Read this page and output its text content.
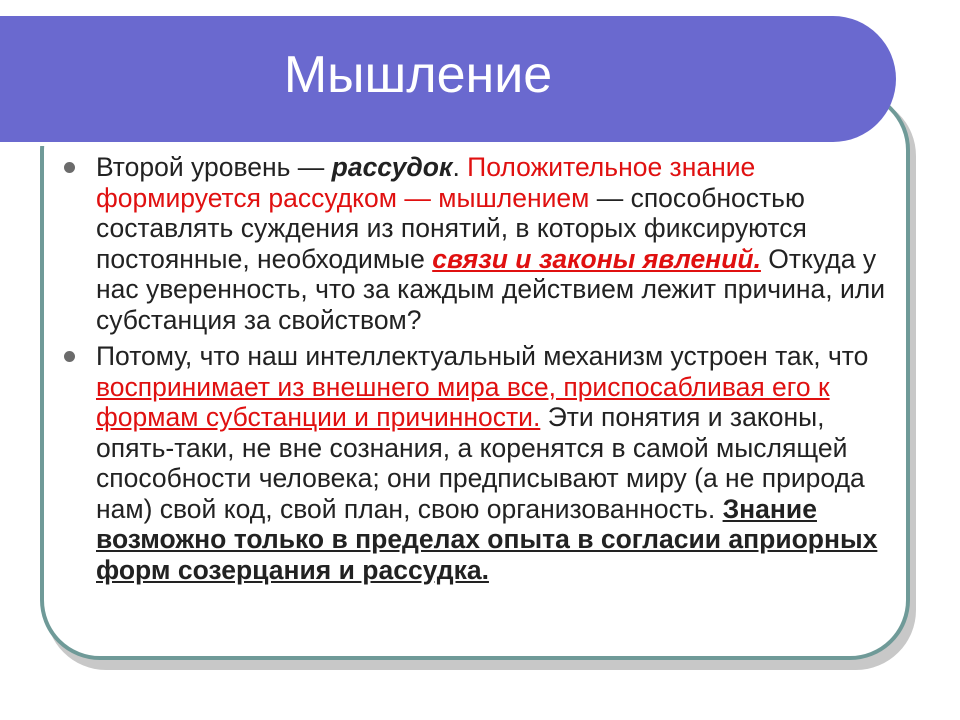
Мышление

Второй уровень — рассудок. Положительное знание формируется рассудком — мышлением — способностью составлять суждения из понятий, в которых фиксируются постоянные, необходимые связи и законы явлений. Откуда у нас уверенность, что за каждым действием лежит причина, или субстанция за свойством?

Потому, что наш интеллектуальный механизм устроен так, что воспринимает из внешнего мира все, приспосабливая его к формам субстанции и причинности. Эти понятия и законы, опять-таки, не вне сознания, а коренятся в самой мыслящей способности человека; они предписывают миру (а не природа нам) свой код, свой план, свою организованность. Знание возможно только в пределах опыта в согласии априорных форм созерцания и рассудка.
